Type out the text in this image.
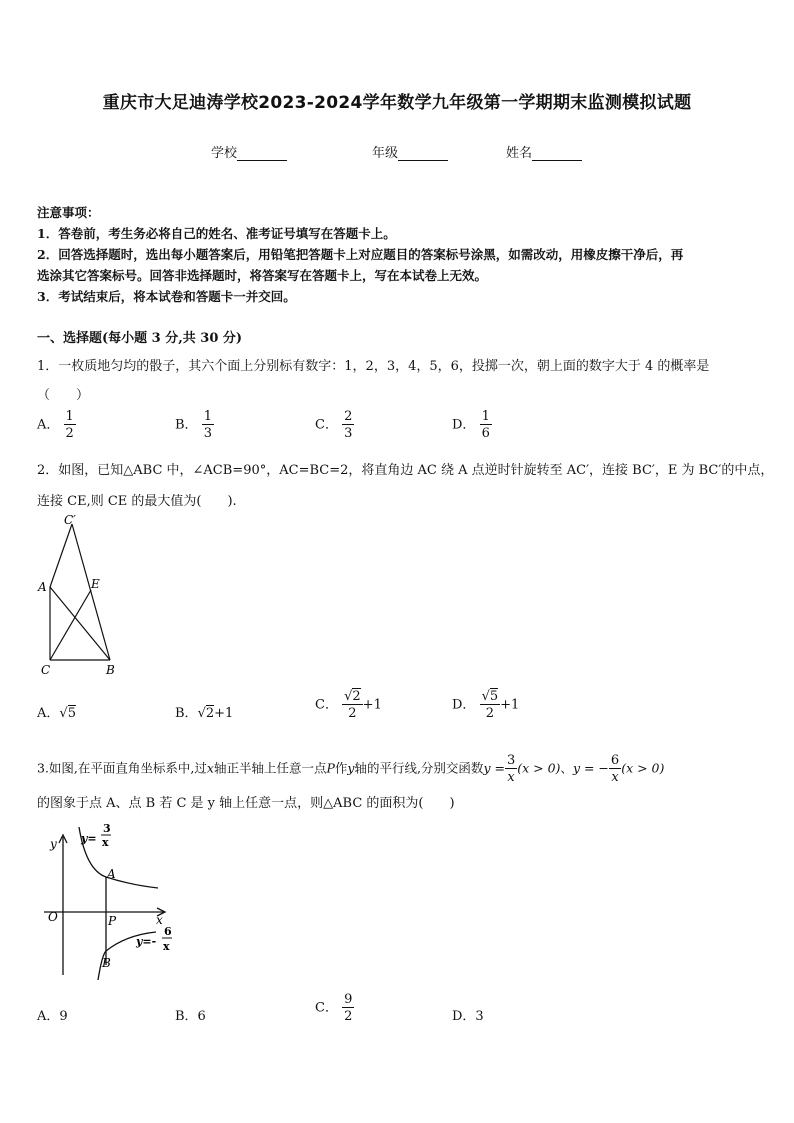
重庆市大足迪涛学校2023-2024学年数学九年级第一学期期末监测模拟试题
学校	年级	姓名
注意事项：
1．答卷前，考生务必将自己的姓名、准考证号填写在答题卡上。
2．回答选择题时，选出每小题答案后，用铅笔把答题卡上对应题目的答案标号涂黑，如需改动，用橡皮擦干净后，再
选涂其它答案标号。回答非选择题时，将答案写在答题卡上，写在本试卷上无效。
3．考试结束后，将本试卷和答题卡一并交回。
一、选择题(每小题 3 分,共 30 分)
1．一枚质地匀均的骰子，其六个面上分别标有数字：1，2，3，4，5，6，投掷一次，朝上面的数字大于 4 的概率是
（　　）
A． $\frac{1}{2}$	B． $\frac{1}{3}$	C． $\frac{2}{3}$	D． $\frac{1}{6}$
2．如图，已知△ABC 中，∠ACB=90°，AC=BC=2，将直角边 AC 绕 A 点逆时针旋转至 AC′，连接 BC′，E 为 BC′的中点，
连接 CE,则 CE 的最大值为(　　).
C′
A	E
C	B
A．√5	B．√2+1
C． $\frac{√2}{2} +1$	D． $\frac{√5}{2} +1$
3.如图,在平面直角坐标系中,过x轴正半轴上任意一点P作y轴的平行线,分别交函数$y = \frac{3}{x} (x > 0)$、y = − $\frac{6}{x} (x > 0)$
的图象于点 A、点 B 若 C 是 y 轴上任意一点，则△ABC 的面积为(　　)
y
x
O	P
A
B
y=
3
x
y=-
6
x
A．9	B．6
C． $\frac{9}{2}$	D．3
